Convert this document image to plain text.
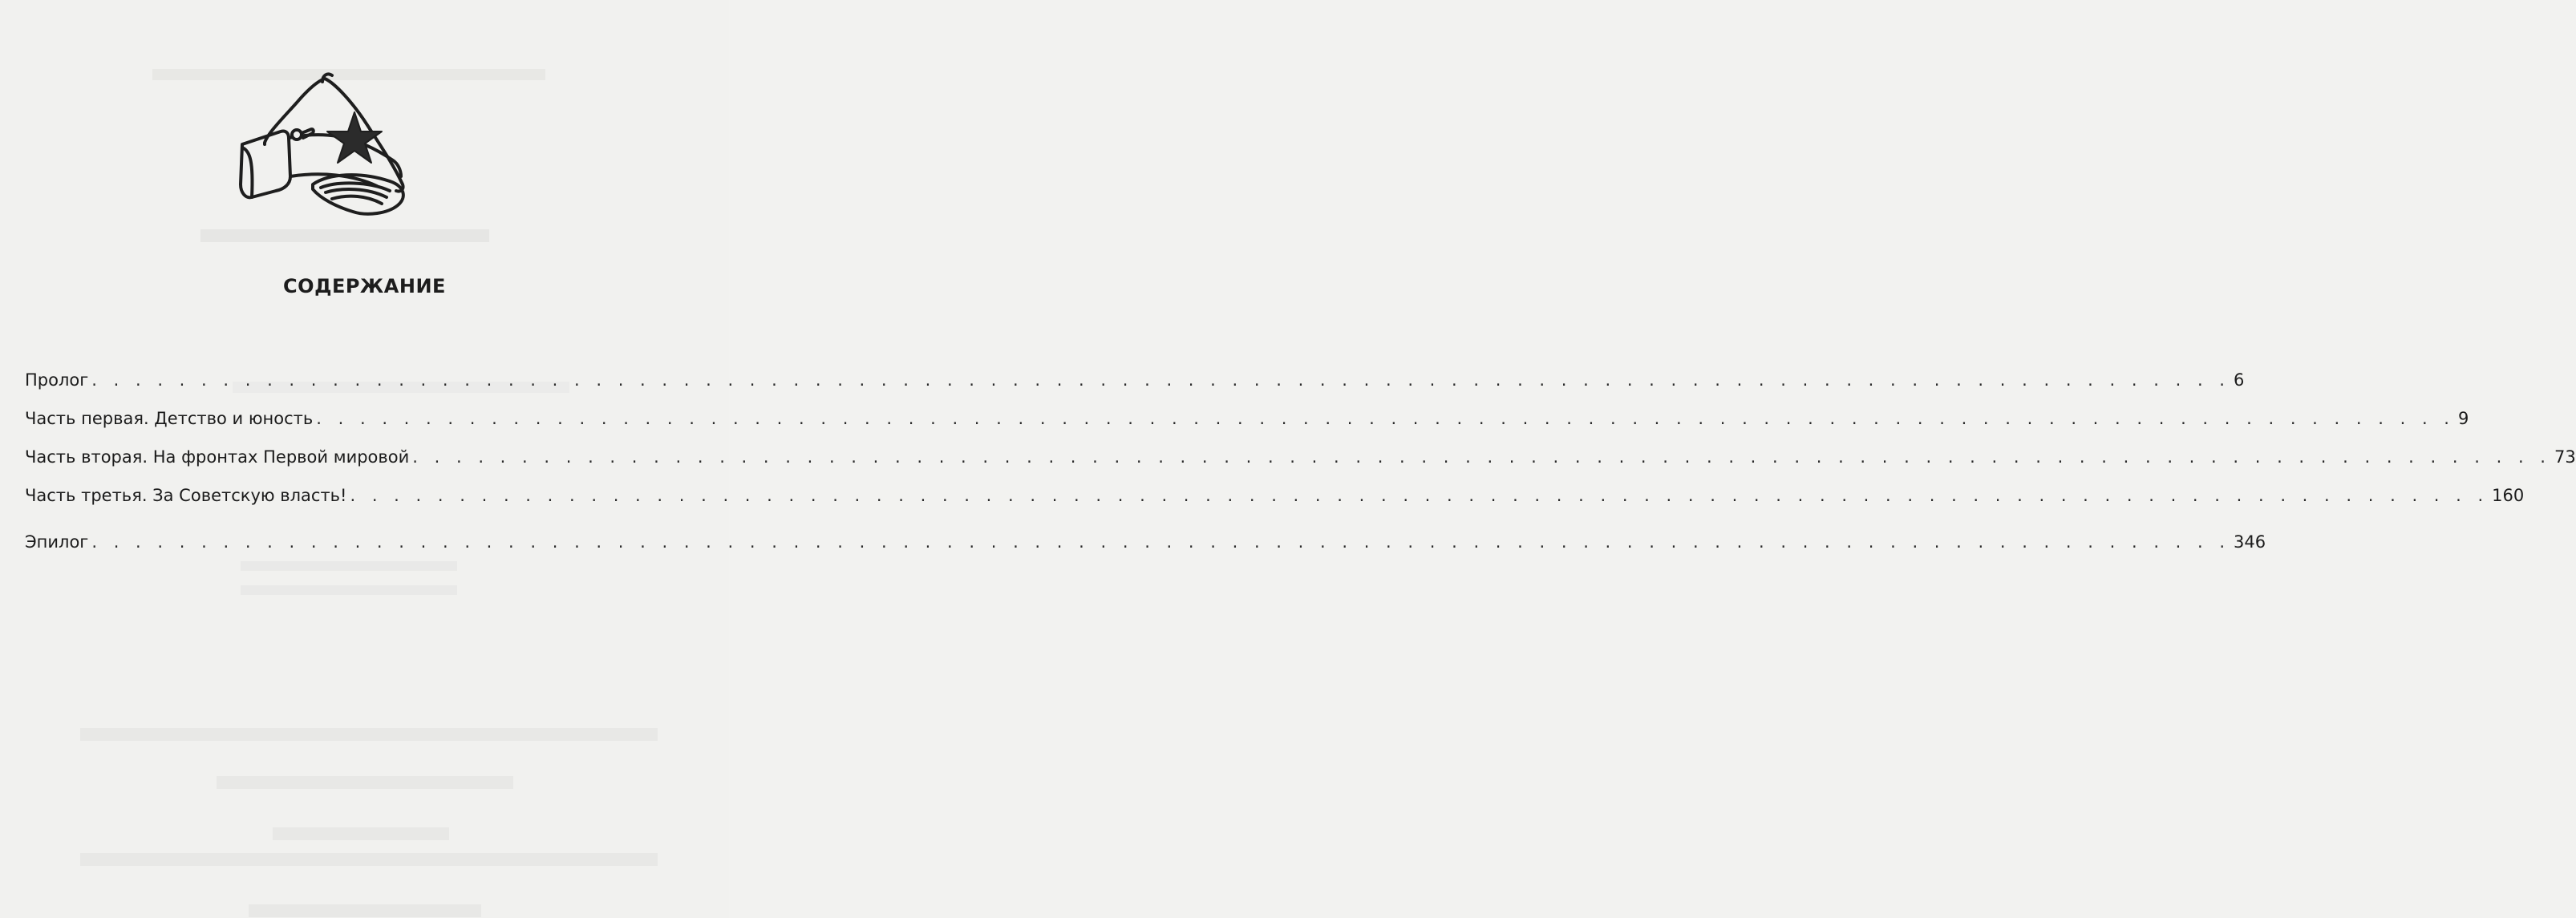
СОДЕРЖАНИЕ
Пролог . . . . . . . . . . . . . . . . . . . . . . . . . . . . . . . . . . . . . . . . . . . . . . . . . . . . . . . . . . . . . . . . . . . . . . . . . . . . . . . . . . . . . . . . . . . . . . . . . . 6
Часть первая. Детство и юность . . . . . . . . . . . . . . . . . . . . . . . . . . . . . . . . . . . . . . . . . . . . . . . . . . . . . . . . . . . . . . . . . . . . . . . . . . . . . . . . . . . . . . . . . . . . . . . . . . 9
Часть вторая. На фронтах Первой мировой . . . . . . . . . . . . . . . . . . . . . . . . . . . . . . . . . . . . . . . . . . . . . . . . . . . . . . . . . . . . . . . . . . . . . . . . . . . . . . . . . . . . . . . . . . . . . . . . . . 73
Часть третья. За Советскую власть! . . . . . . . . . . . . . . . . . . . . . . . . . . . . . . . . . . . . . . . . . . . . . . . . . . . . . . . . . . . . . . . . . . . . . . . . . . . . . . . . . . . . . . . . . . . . . . . . . . 160
Эпилог . . . . . . . . . . . . . . . . . . . . . . . . . . . . . . . . . . . . . . . . . . . . . . . . . . . . . . . . . . . . . . . . . . . . . . . . . . . . . . . . . . . . . . . . . . . . . . . . . . 346
